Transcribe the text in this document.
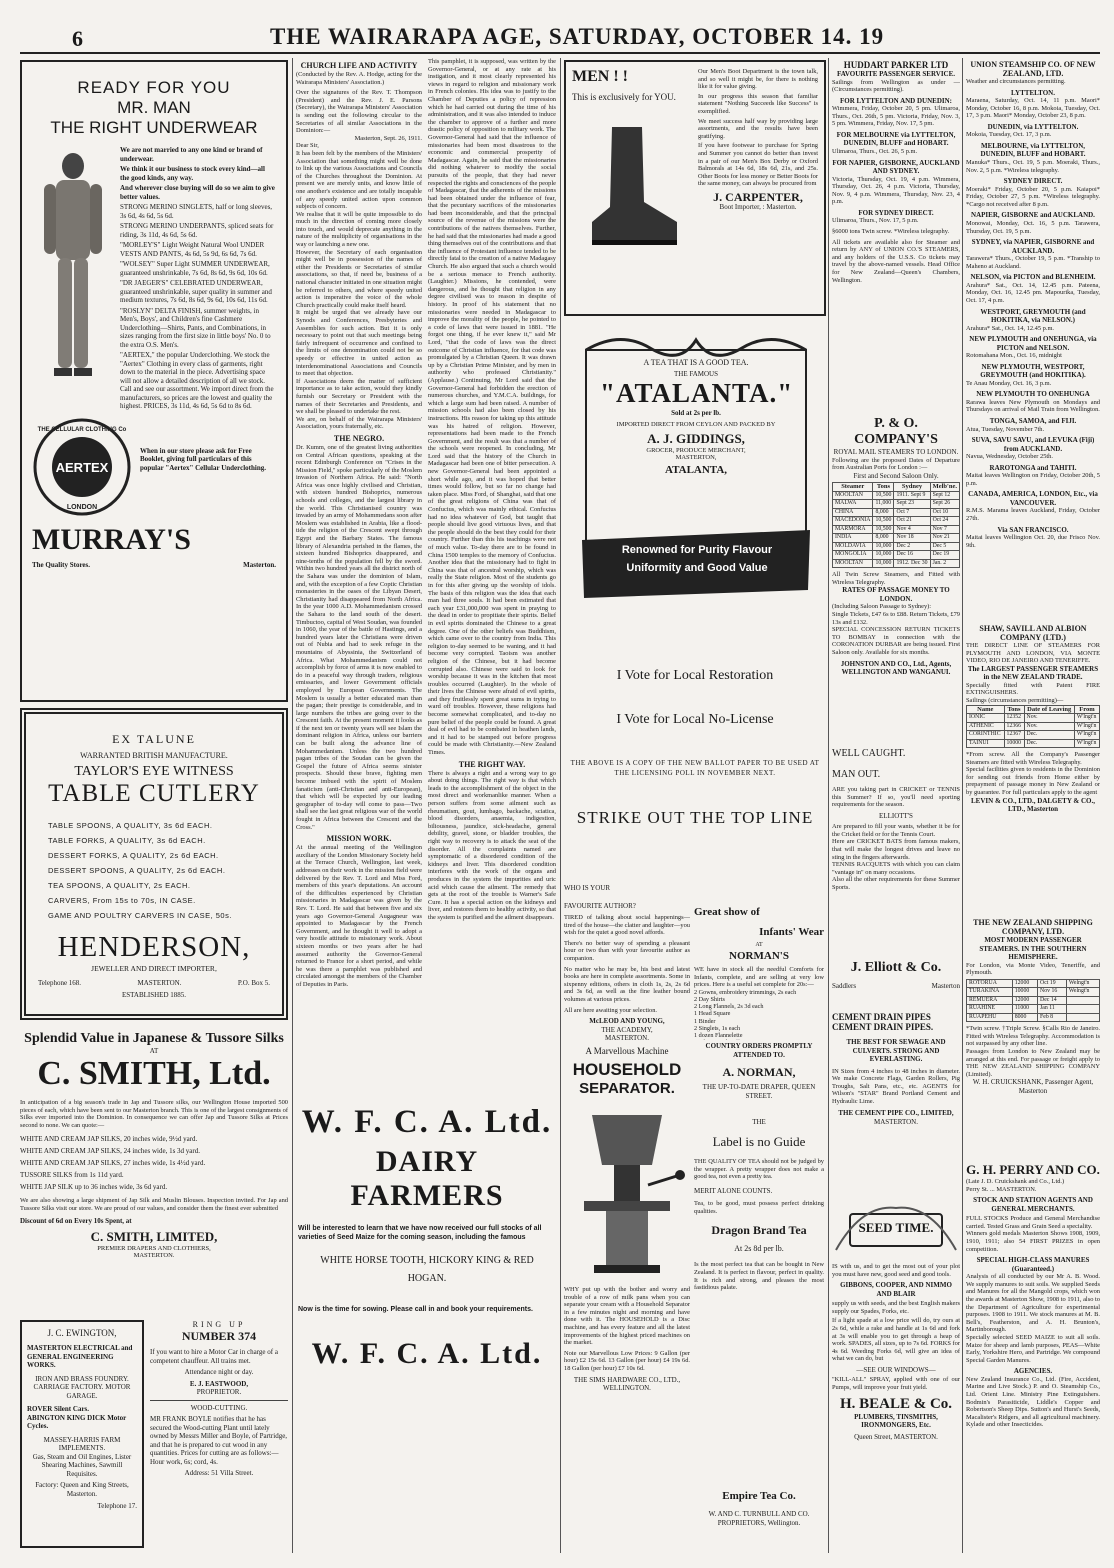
6	THE WAIRARAPA AGE, SATURDAY, OCTOBER 14. 19
READY FOR YOU
MR. MAN
THE RIGHT UNDERWEAR

We are not married to any one kind or brand of underwear.

We think it our business to stock every kind—all the good kinds, any way.

And wherever close buying will do so we aim to give better values.

STRONG MERINO SINGLETS, half or long sleeves, 3s 6d, 4s 6d, 5s 6d.

STRONG MERINO UNDERPANTS, spliced seats for riding, 3s 11d, 4s 6d, 5s 6d.

"MORLEY'S" Light Weight Natural Wool UNDER VESTS AND PANTS, 4s 6d, 5s 9d, 6s 6d, 7s 6d.

"WOLSEY" Super Light SUMMER UNDERWEAR, guaranteed unshrinkable, 7s 6d, 8s 6d, 9s 6d, 10s 6d.

"DR JAEGER'S" CELEBRATED UNDERWEAR, guaranteed unshrinkable, super quality in summer and medium textures, 7s 6d, 8s 6d, 9s 6d, 10s 6d, 11s 6d.

"ROSLYN" DELTA FINISH, summer weights, in Men's, Boys', and Children's fine Cashmere Underclothing—Shirts, Pants, and Combinations, in sizes ranging from the first size in little boys' No. 0 to the extra O.S. Men's.

"AERTEX," the popular Underclothing. We stock the "Aertex" Clothing in every class of garments, right down to the material in the piece. Advertising space will not allow a detailed description of all we stock. Call and see our assortment. We import direct from the manufacturers, so prices are the lowest and quality the highest. PRICES, 3s 11d, 4s 6d, 5s 6d to 8s 6d.

AERTEX
THE CELLULAR CLOTHING Co
LONDON
When in our store please ask for Free Booklet, giving full particulars of this popular "Aertex" Cellular Underclothing.
MURRAY'S
The Quality Stores.	Masterton.
EX TALUNE
WARRANTED BRITISH MANUFACTURE.
TAYLOR'S EYE WITNESS
TABLE CUTLERY
TABLE SPOONS, A QUALITY, 3s 6d EACH.
TABLE FORKS, A QUALITY, 3s 6d EACH.
DESSERT FORKS, A QUALITY, 2s 6d EACH.
DESSERT SPOONS, A QUALITY, 2s 6d EACH.
TEA SPOONS, A QUALITY, 2s EACH.
CARVERS, From 15s to 70s, IN CASE.
GAME AND POULTRY CARVERS IN CASE, 50s.
HENDERSON,
JEWELLER AND DIRECT IMPORTER,
Telephone 168.	MASTERTON.	P.O. Box 5.
ESTABLISHED 1885.
Splendid Value in Japanese & Tussore Silks
AT
C. SMITH, Ltd.
In anticipation of a big season's trade in Jap and Tussore silks, our Wellington House imported 500 pieces of each, which have been sent to our Masterton branch. This is one of the largest consignments of Silks ever imported into the Dominion. In consequence we can offer Jap and Tussore Silks at Prices second to none. We can quote:—
WHITE AND CREAM JAP SILKS, 20 inches wide, 9½d yard.
WHITE AND CREAM JAP SILKS, 24 inches wide, 1s 3d yard.
WHITE AND CREAM JAP SILKS, 27 inches wide, 1s 4½d yard.
TUSSORE SILKS from 1s 11d yard.
WHITE JAP SILK up to 36 inches wide, 3s 6d yard.
We are also showing a large shipment of Jap Silk and Muslin Blouses. Inspection invited. For Jap and Tussore Silks visit our store. We are proud of our values, and consider them the finest ever submitted
Discount of 6d on Every 10s Spent, at
C. SMITH, LIMITED,
PREMIER DRAPERS AND CLOTHIERS,
MASTERTON.
J. C. EWINGTON,
MASTERTON ELECTRICAL and GENERAL ENGINEERING WORKS.
IRON AND BRASS FOUNDRY. CARRIAGE FACTORY. MOTOR GARAGE.
ROVER Silent Cars.
ABINGTON KING DICK Motor Cycles.
MASSEY-HARRIS FARM IMPLEMENTS.
Gas, Steam and Oil Engines, Lister Shearing Machines, Sawmill Requisites.
Factory: Queen and King Streets, Masterton.
Telephone 17.
RING UP
NUMBER 374
If you want to hire a Motor Car in charge of a competent chauffeur. All trains met.
Attendance night or day.
E. J. EASTWOOD,
PROPRIETOR.
WOOD-CUTTING.
MR FRANK BOYLE notifies that he has secured the Wood-cutting Plant until lately owned by Messrs Miller and Boyle, of Partridge, and that he is prepared to cut wood in any quantities. Prices for cutting are as follows:—Hour work, 6s; cord, 4s.
Address: 51 Villa Street.
CHURCH LIFE AND ACTIVITY
(Conducted by the Rev. A. Hodge, acting for the Wairarapa Ministers' Association.)
Over the signatures of the Rev. T. Thompson (President) and the Rev. J. E. Parsons (Secretary), the Wairarapa Ministers' Association is sending out the following circular to the Secretaries of all similar Associations in the Dominion:—
Masterton, Sept. 26, 1911.
Dear Sir,
It has been felt by the members of the Ministers' Association that something might well be done to link up the various Associations and Councils of the Churches throughout the Dominion. At present we are merely units, and know little of one another's existence and are totally incapable of any speedy united action upon common subjects of concern.
We realise that it will be quite impossible to do much in the direction of coming more closely into touch, and would deprecate anything in the nature of the multiplicity of organisations in the way or launching a new one.
However, the Secretary of each organisation might well be in possession of the names of either the Presidents or Secretaries of similar associations, so that, if need be, business of a national character initiated in one situation might be referred to others, and where speedy united action is imperative the voice of the whole Church practically could make itself heard.
It might be urged that we already have our Synods and Conferences, Presbyteries and Assemblies for such action. But it is only necessary to point out that such meetings being fairly infrequent of occurrence and confined to the limits of one denomination could not be so speedy or effective in united action as interdenominational Associations and Councils to meet that objection.
If Associations deem the matter of sufficient importance as to take action, would they kindly furnish our Secretary or President with the names of their Secretaries and Presidents, and we shall be pleased to undertake the rest.
We are, on behalf of the Wairarapa Ministers' Association, yours fraternally, etc.
THE NEGRO.
Dr. Kumm, one of the greatest living authorities on Central African questions, speaking at the recent Edinburgh Conference on "Crises in the Mission Field," spoke particularly of the Moslem invasion of Northern Africa. He said: "North Africa was once highly civilised and Christian, with sixteen hundred Bishoprics, numerous schools and colleges, and the largest library in the world. This Christianised country was invaded by an army of Mohammedans soon after Moslem was established in Arabia, like a flood-tide the religion of the Crescent swept through Egypt and the Barbary States. The famous library of Alexandria perished in the flames, the sixteen hundred Bishoprics disappeared, and nine-tenths of the population fell by the sword. Within two hundred years all the district north of the Sahara was under the dominion of Islam, and, with the exception of a few Coptic Christian monasteries in the oases of the Libyan Desert, Christianity had disappeared from North Africa. In the year 1000 A.D. Mohammedanism crossed the Sahara to the land south of the desert. Timbuctoo, capital of West Soudan, was founded in 1060, the year of the battle of Hastings, and a hundred years later the Christians were driven out of Nubia and had to seek refuge in the mountains of Abyssinia, the Switzerland of Africa. What Mohammedanism could not accomplish by force of arms it is now enabled to do in a peaceful way through traders, religious emissaries, and lower Government officials employed by European Governments. The Moslem is usually a better educated man than the pagan; their prestige is considerable, and in large numbers the tribes are going over to the Crescent faith. At the present moment it looks as if the next ten or twenty years will see Islam the dominant religion in Africa, unless our barriers can be built along the advance line of Mohammedanism. Unless the two hundred pagan tribes of the Soudan can be given the Gospel the future of Africa seems sinister prospects. Should these brave, fighting men become imbued with the spirit of Moslem fanaticism (anti-Christian and anti-European), that which will be expected by our leading geographer of to-day will come to pass—Two shall see the last great religious war of the world fought in Africa between the Crescent and the Cross."
MISSION WORK.
At the annual meeting of the Wellington auxiliary of the London Missionary Society held at the Terrace Church, Wellington, last week, addresses on their work in the mission field were delivered by the Rev. T. Lord and Miss Ford, members of this year's deputations. An account of the difficulties experienced by Christian missionaries in Madagascar was given by the Rev. T. Lord. He said that between five and six years ago Governor-General Augagneur was appointed to Madagascar by the French Government, and he thought it well to adopt a very hostile attitude to missionary work. About sixteen months or two years after he had assumed authority the Governor-General returned to France for a short period, and while he was there a pamphlet was published and circulated amongst the members of the Chamber of Deputies in Paris.
This pamphlet, it is supposed, was written by the Governor-General, or at any rate at his instigation, and it most clearly represented his views in regard to religion and missionary work in French colonies. His idea was to justify to the Chamber of Deputies a policy of repression which he had carried out during the time of his administration, and it was also intended to induce the chamber to approve of a further and more drastic policy of opposition to military work. The Governor-General had said that the influence of missionaries had been most disastrous to the economic and commercial prosperity of Madagascar. Again, he said that the missionaries did nothing whatever to modify the social pursuits of the people, that they had never respected the rights and consciences of the people of Madagascar, that the adherents of the missions had been obtained under the influence of fear, that the pecuniary sacrifices of the missionaries had been inconsiderable, and that the principal source of the revenue of the missions were the contributions of the natives themselves. Further, he had said that the missionaries had made a good thing themselves out of the contributions and that the influence of Protestant influence tended to be directly fatal to the creation of a native Madagasy Church. He also argued that such a church would be a serious menace to French authority. (Laughter.) Missions, he contended, were dangerous, and he thought that religion in any degree civilised was to reason in despite of history. In proof of his statement that no missionaries were needed in Madagascar to improve the morality of the people, he pointed to a code of laws that were issued in 1881. "He forgot one thing, if he ever knew it," said Mr Lord, "that the code of laws was the direct outcome of Christian influence, for that code was promulgated by a Christian Queen. It was drawn up by a Christian Prime Minister, and by men in authority who professed Christianity." (Applause.) Continuing, Mr Lord said that the Governor-General had forbidden the erection of numerous churches, and Y.M.C.A. buildings, for which a large sum had been raised. A number of mission schools had also been closed by his instructions. His reason for taking up this attitude was his hatred of religion. However, representations had been made to the French Government, and the result was that a number of the schools were reopened. In concluding, Mr Lord said that the history of the Church in Madagascar had been one of bitter persecution. A new Governor-General had been appointed a short while ago, and it was hoped that better times would follow, but so far no change had taken place. Miss Ford, of Shanghai, said that one of the great religions of China was that of Confucius, which was mainly ethical. Confucius had no idea whatever of God, but taught that people should live good virtuous lives, and that the people should do the best they could for their country. Further than this his teachings were not of much value. To-day there are to be found in China 1500 temples to the memory of Confucius. Another idea that the missionary had to fight in China was that of ancestral worship, which was really the State religion. Most of the students go in for this after giving up the worship of idols. The basis of this religion was the idea that each man had three souls. It had been estimated that each year £31,000,000 was spent in praying to the dead in order to propitiate their spirits. Belief in evil spirits dominated the Chinese to a great degree. One of the other beliefs was Buddhism, which came over to the country from India. This religion to-day seemed to be waning, and it had become very corrupted. Taoism was another religion of the Chinese, but it had become corrupted also. Chinese were said to look for worship because it was in the kitchen that most troubles occurred (Laughter). In the whole of their lives the Chinese were afraid of evil spirits, and they fruitlessly spent great sums in trying to ward off troubles. However, these religions had become somewhat complicated, and to-day no pure belief of the people could be found. A great deal of evil had to be combated in heathen lands, and it had to be stamped out before progress could be made with Christianity.—New Zealand Times.
THE RIGHT WAY.
There is always a right and a wrong way to go about doing things. The right way is that which leads to the accomplishment of the object in the most direct and workmanlike manner. When a person suffers from some ailment such as rheumatism, gout, lumbago, backache, sciatica, blood disorders, anaemia, indigestion, biliousness, jaundice, sick-headache, general debility, gravel, stone, or bladder troubles, the right way to recovery is to attack the seat of the disorder. All the complaints named are symptomatic of a disordered condition of the kidneys and liver. This disordered condition interferes with the work of the organs and produces in the system the impurities and uric acid which cause the ailment. The remedy that gets at the root of the trouble is Warner's Safe Cure. It has a special action on the kidneys and liver, and restores them to healthy activity, so that the system is purified and the ailment disappears.
W. F. C. A. Ltd.
DAIRY FARMERS
Will be interested to learn that we have now received our full stocks of all varieties of Seed Maize for the coming season, including the famous
WHITE HORSE TOOTH, HICKORY KING & RED HOGAN.
Now is the time for sowing. Please call in and book your requirements.
W. F. C. A. Ltd.
MEN ! !
This is exclusively for YOU.

Our Men's Boot Department is the town talk, and so well it might be, for there is nothing like it for value giving.

In our progress this season that familiar statement "Nothing Succeeds like Success" is exemplified.

We meet success half way by providing large assortments, and the results have been gratifying.

If you have footwear to purchase for Spring and Summer you cannot do better than invest in a pair of our Men's Box Derby or Oxford Balmorals at 14s 6d, 18s 6d, 21s, and 25s. Other Boots for less money or Better Boots for the same money, can always be procured from

J. CARPENTER,
Boot Importer, : Masterton.
A TEA THAT IS A GOOD TEA.
THE FAMOUS
"ATALANTA."
Sold at 2s per lb.
IMPORTED DIRECT FROM CEYLON AND PACKED BY
A. J. GIDDINGS,
GROCER, PRODUCE MERCHANT,
MASTERTON,
ATALANTA,
Renowned for Purity Flavour
Uniformity and Good Value
I Vote for Local Restoration
I Vote for Local No-License
THE ABOVE IS A COPY OF THE NEW BALLOT PAPER TO BE USED AT THE LICENSING POLL IN NOVEMBER NEXT.
STRIKE OUT THE TOP LINE
WHO IS YOUR
FAVOURITE AUTHOR?
TIRED of talking about social happenings—tired of the house—the clatter and laughter—you wish for the quiet a good novel affords.
There's no better way of spending a pleasant hour or two than with your favourite author as companion.
No matter who he may be, his best and latest books are here in complete assortments. Some in sixpenny editions, others in cloth 1s, 2s, 2s 6d and 3s 6d, as well as the fine leather bound volumes at various prices.
All are here awaiting your selection.
McLEOD AND YOUNG,
THE ACADEMY,
MASTERTON.
A Marvellous Machine
HOUSEHOLD
SEPARATOR.
WHY put up with the bother and worry and trouble of a row of milk pans when you can separate your cream with a Household Separator in a few minutes night and morning and have done with it. The HOUSEHOLD is a Disc machine, and has every feature and all the latest improvements of the highest priced machines on the market.
Note our Marvellous Low Prices: 9 Gallon (per hour) £2 15s 6d. 13 Gallon (per hour) £4 19s 6d. 18 Gallon (per hour) £7 10s 6d.
THE SIMS HARDWARE CO., LTD., WELLINGTON.
Great show of
Infants' Wear
AT
NORMAN'S
WE have in stock all the needful Comforts for Infants, complete, and are selling at very low prices. Here is a useful set complete for 20s:—
2 Gowns, embroidery trimmings, 2s each
2 Day Shirts
2 Long Flannels, 2s 3d each
1 Head Square
1 Binder
2 Singlets, 1s each
1 dozen Flannelette
COUNTRY ORDERS PROMPTLY ATTENDED TO.
A. NORMAN,
THE UP-TO-DATE DRAPER, QUEEN STREET.
THE
Label is no Guide
THE QUALITY OF TEA should not be judged by the wrapper. A pretty wrapper does not make a good tea, not even a pretty tea.
MERIT ALONE COUNTS.
Tea, to be good, must possess perfect drinking qualities.
Dragon Brand Tea
At 2s 8d per lb.
Is the most perfect tea that can be bought in New Zealand. It is perfect in flavour, perfect in quality. It is rich and strong, and pleases the most fastidious palate.
Empire Tea Co.
W. AND C. TURNBULL AND CO. PROPRIETORS, Wellington.
HUDDART PARKER LTD
FAVOURITE PASSENGER SERVICE.
Sailings from Wellington as under — (Circumstances permitting).
FOR LYTTELTON AND DUNEDIN:
Wimmera, Friday, October 20, 5 pm. Ulimaroa, Thurs., Oct. 26th, 5 pm. Victoria, Friday, Nov. 3, 5 pm. Wimmera, Friday, Nov. 17, 5 pm.
FOR MELBOURNE via LYTTELTON, DUNEDIN, BLUFF and HOBART.
Ulimaroa, Thurs., Oct. 26, 5 p.m.
FOR NAPIER, GISBORNE, AUCKLAND AND SYDNEY.
Victoria, Thursday, Oct. 19, 4 p.m. Wimmera, Thursday, Oct. 26, 4 p.m. Victoria, Thursday, Nov. 9, 4 p.m. Wimmera, Thursday, Nov. 23, 4 p.m.
FOR SYDNEY DIRECT.
Ulimaroa, Thurs., Nov. 17, 5 p.m.
§6000 tons Twin screw. *Wireless telegraphy.
All tickets are available also for Steamer and return by ANY of UNION CO.'S STEAMERS, and any holders of the U.S.S. Co tickets may travel by the above-named vessels. Head Office for New Zealand—Queen's Chambers, Wellington.
P. & O. COMPANY'S
ROYAL MAIL STEAMERS TO LONDON.
Following are the proposed Dates of Departure from Australian Ports for London :—
First and Second Saloon Only.
Steamer	Tons	Sydney	Melb'ne.
MOOLTAN	10,500	1911. Sept 9	Sept 12
MALWA	11,000	Sept 23	Sept 26
CHINA	8,000	Oct 7	Oct 10
MACEDONIA	10,500	Oct 21	Oct 24
MARMORA	10,500	Nov 4	Nov 7
INDIA	8,000	Nov 18	Nov 21
MOLDAVIA	10,000	Dec 2	Dec 5
MONGOLIA	10,000	Dec 16	Dec 19
MOOLTAN	10,000	1912. Dec 30	Jan. 2
All Twin Screw Steamers, and Fitted with Wireless Telegraphy.
RATES OF PASSAGE MONEY TO LONDON.
(Including Saloon Passage to Sydney):
Single Tickets, £47 6s to £88. Return Tickets, £79 13s and £132.
SPECIAL CONCESSION RETURN TICKETS TO BOMBAY in connection with the CORONATION DURBAR are being issued. First Saloon only. Available for six months.
JOHNSTON AND CO., Ltd., Agents, WELLINGTON AND WANGANUI.
WELL CAUGHT.
MAN OUT.
ARE you taking part in CRICKET or TENNIS this Summer? If so, you'll need sporting requirements for the season.
ELLIOTT'S
Are prepared to fill your wants, whether it be for the Cricket field or for the Tennis Court.
Here are CRICKET BATS from famous makers, that will make the longest drives and leave no sting in the fingers afterwards.
TENNIS RACQUETS with which you can claim "vantage in" on many occasions.
Also all the other requirements for these Summer Sports.
J. Elliott & Co.
Saddlers	Masterton
CEMENT DRAIN PIPES
CEMENT DRAIN PIPES.
THE BEST FOR SEWAGE AND CULVERTS. STRONG AND EVERLASTING.
IN Sizes from 4 inches to 48 inches in diameter. We make Concrete Flags, Garden Rollers, Pig Troughs, Salt Pans, etc., etc. AGENTS for Wilson's "STAR" Brand Portland Cement and Hydraulic Lime.
THE CEMENT PIPE CO., LIMITED,
MASTERTON.
SEED TIME.
IS with us, and to get the most out of your plot you must have new, good seed and good tools.
GIBBONS, COOPER, AND NIMMO AND BLAIR
supply us with seeds, and the best English makers supply our Spades, Forks, etc.
If a light spade at a low price will do, try ours at 2s 6d, while a rake and handle at 1s 6d and fork at 3s will enable you to get through a heap of work. SPADES, all sizes, up to 7s 6d. FORKS for 4s 6d. Weeding Forks 6d, will give an idea of what we can do, but
—SEE OUR WINDOWS—
"KILL-ALL" SPRAY, applied with one of our Pumps, will improve your fruit yield.
H. BEALE & Co.
PLUMBERS, TINSMITHS, IRONMONGERS, Etc.
Queen Street, MASTERTON.
UNION STEAMSHIP CO. OF NEW ZEALAND, LTD.
Weather and circumstances permitting.
LYTTELTON.
Maraena, Saturday, Oct. 14, 11 p.m. Maori* Monday, October 16, 8 p.m. Mokoia, Tuesday, Oct. 17, 3 p.m. Maori* Monday, October 23, 8 p.m.
DUNEDIN, via LYTTELTON.
Mokoia, Tuesday, Oct. 17, 3 p.m.
MELBOURNE, via LYTTELTON, DUNEDIN, BLUFF and HOBART.
Manuka* Thurs., Oct. 19, 5 p.m. Moeraki, Thurs., Nov. 2, 5 p.m. *Wireless telegraphy.
SYDNEY DIRECT.
Moeraki* Friday, October 20, 5 p.m. Kaiapoi* Friday, October 27, 5 p.m. *Wireless telegraphy. *Cargo not received after 8 p.m.
NAPIER, GISBORNE and AUCKLAND.
Monowai, Monday, Oct. 16, 5 p.m. Tarawera, Thursday, Oct. 19, 5 p.m.
SYDNEY, via NAPIER, GISBORNE and AUCKLAND.
Tarawera* Thurs., October 19, 5 p.m. *Tranship to Maheno at Auckland.
NELSON, via PICTON and BLENHEIM.
Arahura* Sat., Oct. 14, 12.45 p.m. Pateena, Monday, Oct. 16, 12.45 pm. Mapourika, Tuesday, Oct. 17, 4 p.m.
WESTPORT, GREYMOUTH (and HOKITIKA, via NELSON.)
Arahura* Sat., Oct. 14, 12.45 p.m.
NEW PLYMOUTH and ONEHUNGA, via PICTON and NELSON.
Rotomahana Mon., Oct. 16, midnight
NEW PLYMOUTH, WESTPORT, GREYMOUTH (and HOKITIKA).
Te Anau Monday, Oct. 16, 3 p.m.
NEW PLYMOUTH TO ONEHUNGA
Rarawa leaves New Plymouth on Mondays and Thursdays on arrival of Mail Train from Wellington.
TONGA, SAMOA, and FIJI.
Atua, Tuesday, November 7th.
SUVA, SAVU SAVU, and LEVUKA (Fiji) from AUCKLAND.
Navua, Wednesday, October 25th.
RAROTONGA and TAHITI.
Maitai leaves Wellington on Friday, October 20th, 5 p.m.
CANADA, AMERICA, LONDON, Etc., via VANCOUVER.
R.M.S. Marama leaves Auckland, Friday, October 27th.
Via SAN FRANCISCO.
Maitai leaves Wellington Oct. 20, due Frisco Nov. 9th.
SHAW, SAVILL AND ALBION COMPANY (LTD.)
THE DIRECT LINE OF STEAMERS FOR PLYMOUTH AND LONDON, VIA MONTE VIDEO, RIO DE JANEIRO AND TENERIFFE.
The LARGEST PASSENGER STEAMERS in the NEW ZEALAND TRADE.
Specially fitted with Patent FIRE EXTINGUISHERS.
Sailings (circumstances permitting)—
Name	Tons	Date of Leaving	From
IONIC	12352	Nov.	W'lngt'n
ATHENIC	12366	Nov.	W'lngt'n
CORINTHIC	12367	Dec.	W'lngt'n
TAINUI	10000	Dec.	W'lngt'n
*From screw. All the Company's Passenger Steamers are fitted with Wireless Telegraphy.
Special facilities given to residents in the Dominion for sending out friends from Home either by prepayment of passage money in New Zealand or by guarantee. For full particulars apply to the agent
LEVIN & CO., LTD., DALGETY & CO., LTD., Masterton
THE NEW ZEALAND SHIPPING COMPANY, LTD.
MOST MODERN PASSENGER STEAMERS. IN THE SOUTHERN HEMISPHERE.
For London, via Monte Video, Teneriffe, and Plymouth.
ROTORUA	12000	Oct 19	Welngt'n
TURAKINA	10000	Nov 16	Welngt'n
REMUERA	12000	Dec 14	
RUAHINE	11000	Jan 11	
RUAPEHU	8000	Feb 8	
*Twin screw. †Triple Screw. §Calls Rio de Janeiro. Fitted with Wireless Telegraphy. Accommodation is not surpassed by any other line.
Passages from London to New Zealand may be arranged at this end. For passage or freight apply to THE NEW ZEALAND SHIPPING COMPANY (Limited).
W. H. CRUICKSHANK, Passenger Agent, Masterton
G. H. PERRY AND CO.
(Late J. D. Cruickshank and Co., Ltd.)
Perry St. ... MASTERTON.
STOCK AND STATION AGENTS AND GENERAL MERCHANTS.
FULL STOCKS Produce and General Merchandise carried. Tested Grass and Grain Seed a speciality.
Winners gold medals Masterton Shows 1908, 1909, 1910, 1911; also 54 FIRST PRIZES in open competition.
SPECIAL HIGH-CLASS MANURES (Guaranteed.)
Analysis of all conducted by our Mr A. B. Wood. We supply manures to suit soils. We supplied Seeds and Manures for all the Mangold crops, which won the awards at Masterton Show, 1908 to 1911, also to the Department of Agriculture for experimental purposes. 1908 to 1911. We stock manures at M. B. Bell's, Featherston, and A. H. Brunton's, Martinborough.
Specially selected SEED MAIZE to suit all soils. Maize for sheep and lamb purposes, PEAS—White Early, Yorkshire Hero, and Partridge. We compound Special Garden Manures.
AGENCIES.
New Zealand Insurance Co., Ltd. (Fire, Accident, Marine and Live Stock.) P. and O. Steamship Co., Ltd. Orient Line. Ministry Pine Extinguishers. Bodmin's Parasiticide, Liddle's Copper and Robertson's Sheep Dips. Sutton's and Hurst's Seeds, Macalister's Ridgers, and all agricultural machinery. Kylade and other Insecticides.
